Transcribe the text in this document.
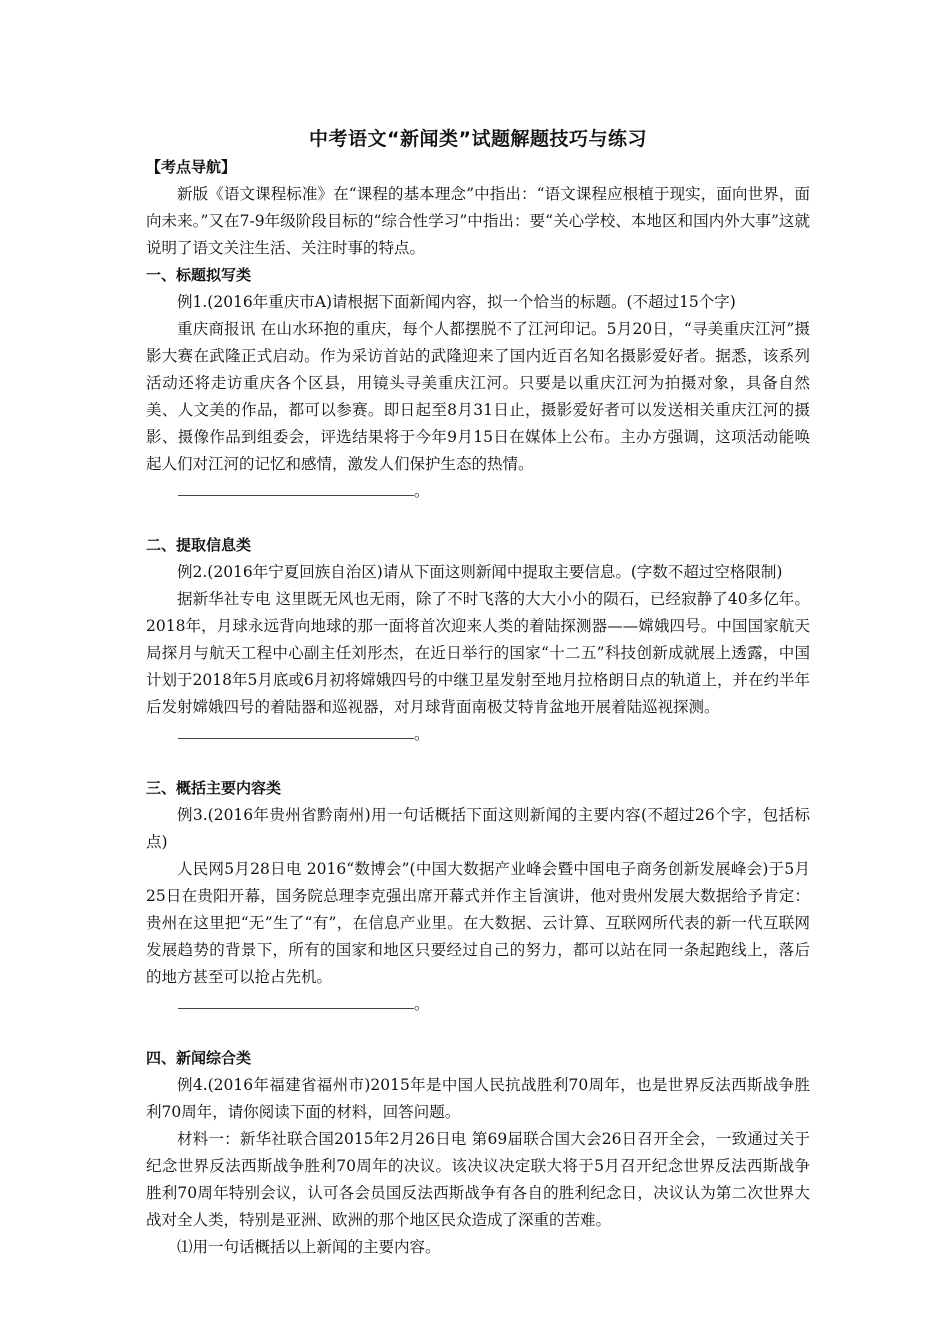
中考语文“新闻类”试题解题技巧与练习
【考点导航】

新版《语文课程标准》在“课程的基本理念”中指出：“语文课程应根植于现实，面向世界，面向未来。”又在7-9年级阶段目标的“综合性学习”中指出：要“关心学校、本地区和国内外大事”这就说明了语文关注生活、关注时事的特点。

一、标题拟写类

例1.(2016年重庆市A)请根据下面新闻内容，拟一个恰当的标题。(不超过15个字)

重庆商报讯 在山水环抱的重庆，每个人都摆脱不了江河印记。5月20日，“寻美重庆江河”摄影大赛在武隆正式启动。作为采访首站的武隆迎来了国内近百名知名摄影爱好者。据悉，该系列活动还将走访重庆各个区县，用镜头寻美重庆江河。只要是以重庆江河为拍摄对象，具备自然美、人文美的作品，都可以参赛。即日起至8月31日止，摄影爱好者可以发送相关重庆江河的摄影、摄像作品到组委会，评选结果将于今年9月15日在媒体上公布。主办方强调，这项活动能唤起人们对江河的记忆和感情，激发人们保护生态的热情。

。
二、提取信息类

例2.(2016年宁夏回族自治区)请从下面这则新闻中提取主要信息。(字数不超过空格限制)

据新华社专电 这里既无风也无雨，除了不时飞落的大大小小的陨石，已经寂静了40多亿年。2018年，月球永远背向地球的那一面将首次迎来人类的着陆探测器——嫦娥四号。中国国家航天局探月与航天工程中心副主任刘彤杰，在近日举行的国家“十二五”科技创新成就展上透露，中国计划于2018年5月底或6月初将嫦娥四号的中继卫星发射至地月拉格朗日点的轨道上，并在约半年后发射嫦娥四号的着陆器和巡视器，对月球背面南极艾特肯盆地开展着陆巡视探测。

。
三、概括主要内容类

例3.(2016年贵州省黔南州)用一句话概括下面这则新闻的主要内容(不超过26个字，包括标点)

人民网5月28日电 2016“数博会”(中国大数据产业峰会暨中国电子商务创新发展峰会)于5月25日在贵阳开幕，国务院总理李克强出席开幕式并作主旨演讲，他对贵州发展大数据给予肯定：贵州在这里把“无”生了“有”，在信息产业里。在大数据、云计算、互联网所代表的新一代互联网发展趋势的背景下，所有的国家和地区只要经过自己的努力，都可以站在同一条起跑线上，落后的地方甚至可以抢占先机。

。
四、新闻综合类

例4.(2016年福建省福州市)2015年是中国人民抗战胜利70周年，也是世界反法西斯战争胜利70周年，请你阅读下面的材料，回答问题。

材料一：新华社联合国2015年2月26日电 第69届联合国大会26日召开全会，一致通过关于纪念世界反法西斯战争胜利70周年的决议。该决议决定联大将于5月召开纪念世界反法西斯战争胜利70周年特别会议，认可各会员国反法西斯战争有各自的胜利纪念日，决议认为第二次世界大战对全人类，特别是亚洲、欧洲的那个地区民众造成了深重的苦难。

⑴用一句话概括以上新闻的主要内容。
